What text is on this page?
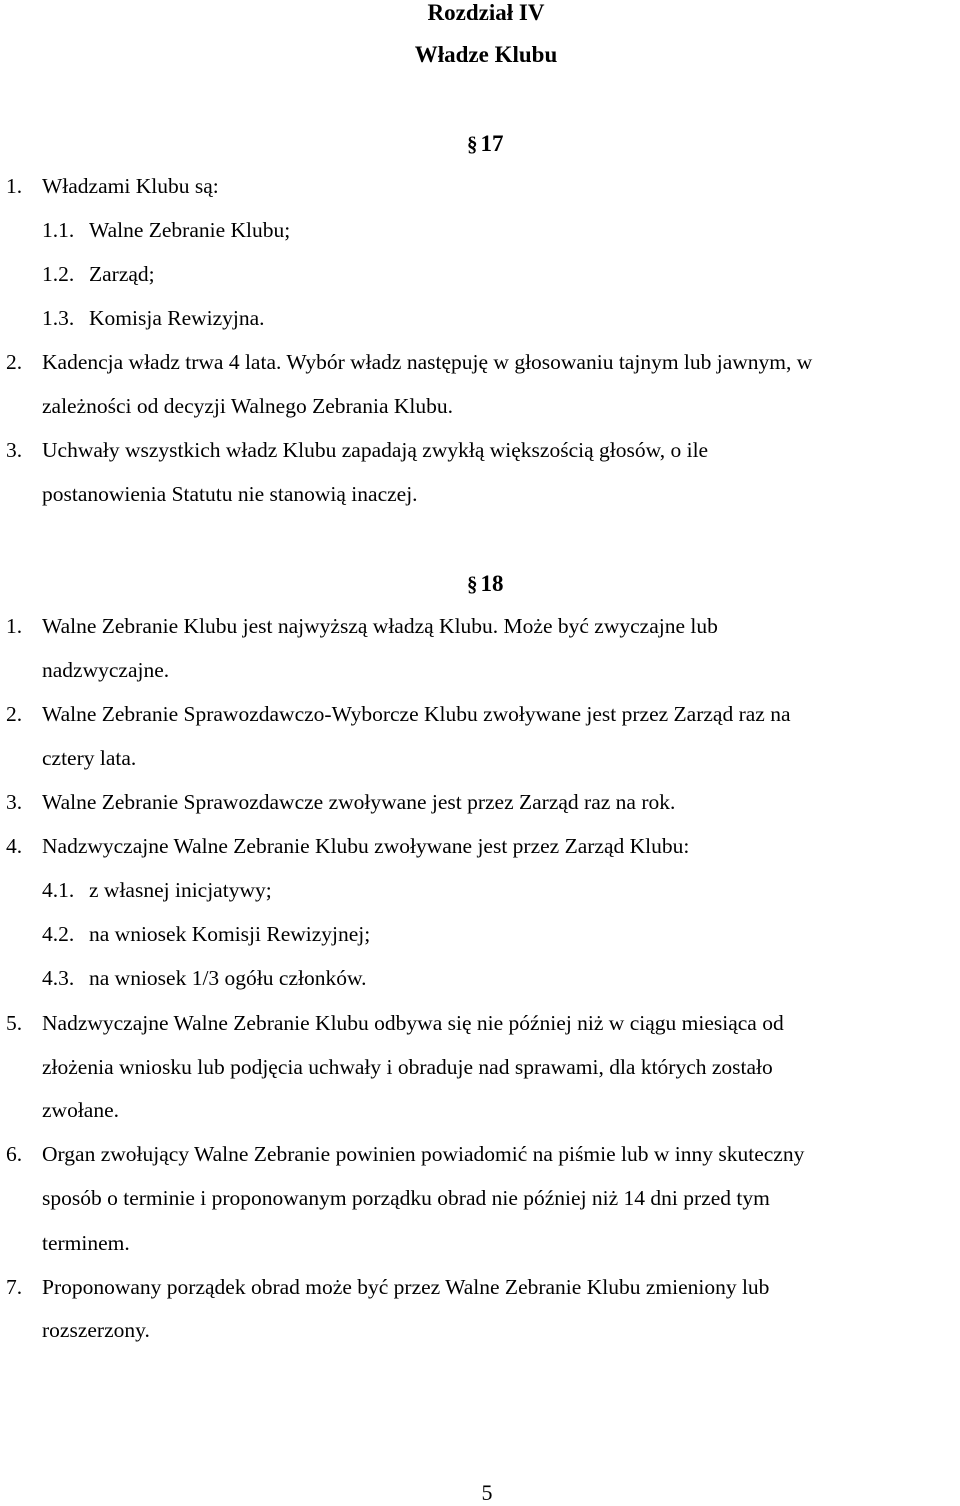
Rozdział IV
Władze Klubu
§ 17
1. Władzami Klubu są:
1.1. Walne Zebranie Klubu;
1.2. Zarząd;
1.3. Komisja Rewizyjna.
2. Kadencja władz trwa 4 lata. Wybór władz następuję w głosowaniu tajnym lub jawnym, w
zależności od decyzji Walnego Zebrania Klubu.
3. Uchwały wszystkich władz Klubu zapadają zwykłą większością głosów, o ile
postanowienia Statutu nie stanowią inaczej.
§ 18
1. Walne Zebranie Klubu jest najwyższą władzą Klubu. Może być zwyczajne lub
nadzwyczajne.
2. Walne Zebranie Sprawozdawczo-Wyborcze Klubu zwoływane jest przez Zarząd raz na
cztery lata.
3. Walne Zebranie Sprawozdawcze zwoływane jest przez Zarząd raz na rok.
4. Nadzwyczajne Walne Zebranie Klubu zwoływane jest przez Zarząd Klubu:
4.1. z własnej inicjatywy;
4.2. na wniosek Komisji Rewizyjnej;
4.3. na wniosek 1/3 ogółu członków.
5. Nadzwyczajne Walne Zebranie Klubu odbywa się nie później niż w ciągu miesiąca od
złożenia wniosku lub podjęcia uchwały i obraduje nad sprawami, dla których zostało
zwołane.
6. Organ zwołujący Walne Zebranie powinien powiadomić na piśmie lub w inny skuteczny
sposób o terminie i proponowanym porządku obrad nie później niż 14 dni przed tym
terminem.
7. Proponowany porządek obrad może być przez Walne Zebranie Klubu zmieniony lub
rozszerzony.
5
